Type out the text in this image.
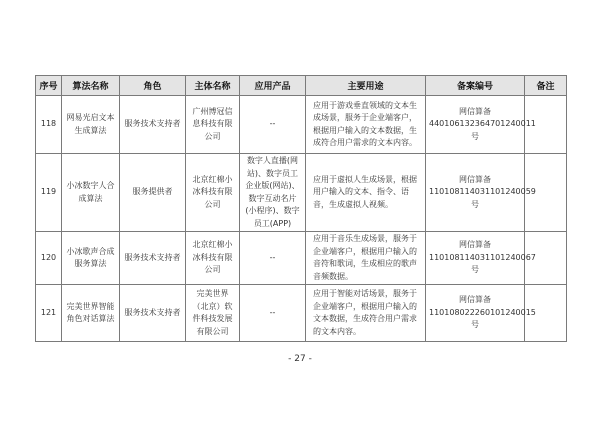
序号	算法名称	角色	主体名称	应用产品	主要用途	备案编号	备注
118	网易光启文本生成算法	服务技术支持者	广州博冠信息科技有限公司	--	应用于游戏垂直领域的文本生成场景，服务于企业端客户，根据用户输入的文本数据，生成符合用户需求的文本内容。	网信算备440106132364701240011号	
119	小冰数字人合成算法	服务提供者	北京红棉小冰科技有限公司	数字人直播(网站)、数字员工企业版(网站)、数字互动名片(小程序)、数字员工(APP)	应用于虚拟人生成场景，根据用户输入的文本、指令、语音，生成虚拟人视频。	网信算备110108114031101240059号	
120	小冰歌声合成服务算法	服务技术支持者	北京红棉小冰科技有限公司	--	应用于音乐生成场景，服务于企业端客户，根据用户输入的音符和歌词，生成相应的歌声音频数据。	网信算备110108114031101240067号	
121	完美世界智能角色对话算法	服务技术支持者	完美世界（北京）软件科技发展有限公司	--	应用于智能对话场景，服务于企业端客户，根据用户输入的文本数据，生成符合用户需求的文本内容。	网信算备110108022260101240015号	
- 27 -
